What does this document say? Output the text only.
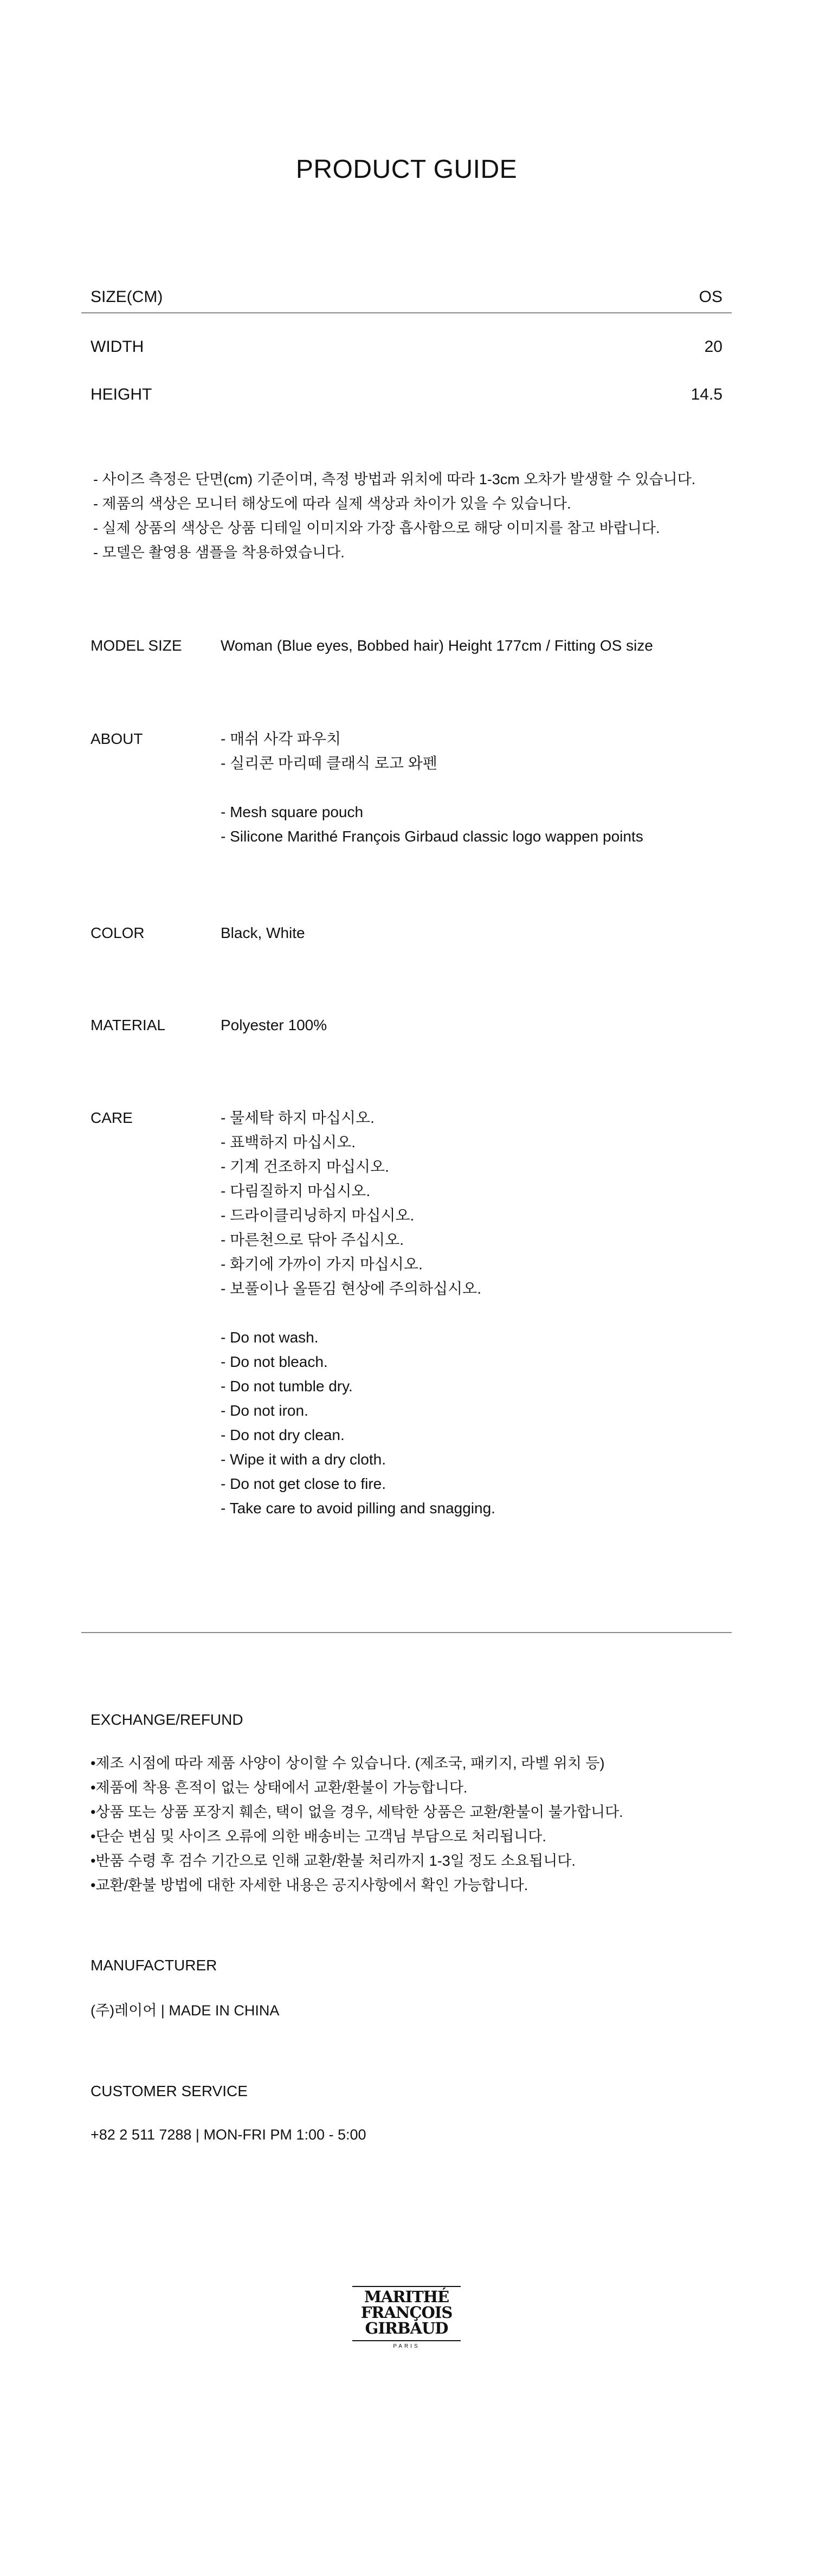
PRODUCT GUIDE
SIZE(CM)	OS
WIDTH	20
HEIGHT	14.5
- 사이즈 측정은 단면(cm) 기준이며, 측정 방법과 위치에 따라 1-3cm 오차가 발생할 수 있습니다.
- 제품의 색상은 모니터 해상도에 따라 실제 색상과 차이가 있을 수 있습니다.
- 실제 상품의 색상은 상품 디테일 이미지와 가장 흡사함으로 해당 이미지를 참고 바랍니다.
- 모델은 촬영용 샘플을 착용하였습니다.
MODEL SIZE	Woman (Blue eyes, Bobbed hair) Height 177cm / Fitting OS size
ABOUT	- 매쉬 사각 파우치
- 실리콘 마리떼 클래식 로고 와펜
- Mesh square pouch
- Silicone Marithé François Girbaud classic logo wappen points
COLOR	Black, White
MATERIAL	Polyester 100%
CARE	- 물세탁 하지 마십시오.
- 표백하지 마십시오.
- 기계 건조하지 마십시오.
- 다림질하지 마십시오.
- 드라이클리닝하지 마십시오.
- 마른천으로 닦아 주십시오.
- 화기에 가까이 가지 마십시오.
- 보풀이나 올뜯김 현상에 주의하십시오.
- Do not wash.
- Do not bleach.
- Do not tumble dry.
- Do not iron.
- Do not dry clean.
- Wipe it with a dry cloth.
- Do not get close to fire.
- Take care to avoid pilling and snagging.
EXCHANGE/REFUND
•제조 시점에 따라 제품 사양이 상이할 수 있습니다. (제조국, 패키지, 라벨 위치 등)
•제품에 착용 흔적이 없는 상태에서 교환/환불이 가능합니다.
•상품 또는 상품 포장지 훼손, 택이 없을 경우, 세탁한 상품은 교환/환불이 불가합니다.
•단순 변심 및 사이즈 오류에 의한 배송비는 고객님 부담으로 처리됩니다.
•반품 수령 후 검수 기간으로 인해 교환/환불 처리까지 1-3일 정도 소요됩니다.
•교환/환불 방법에 대한 자세한 내용은 공지사항에서 확인 가능합니다.
MANUFACTURER
(주)레이어 | MADE IN CHINA
CUSTOMER SERVICE
+82 2 511 7288 | MON-FRI PM 1:00 - 5:00
MARITHÉ
FRANÇOIS
GIRBAUD
PARIS
